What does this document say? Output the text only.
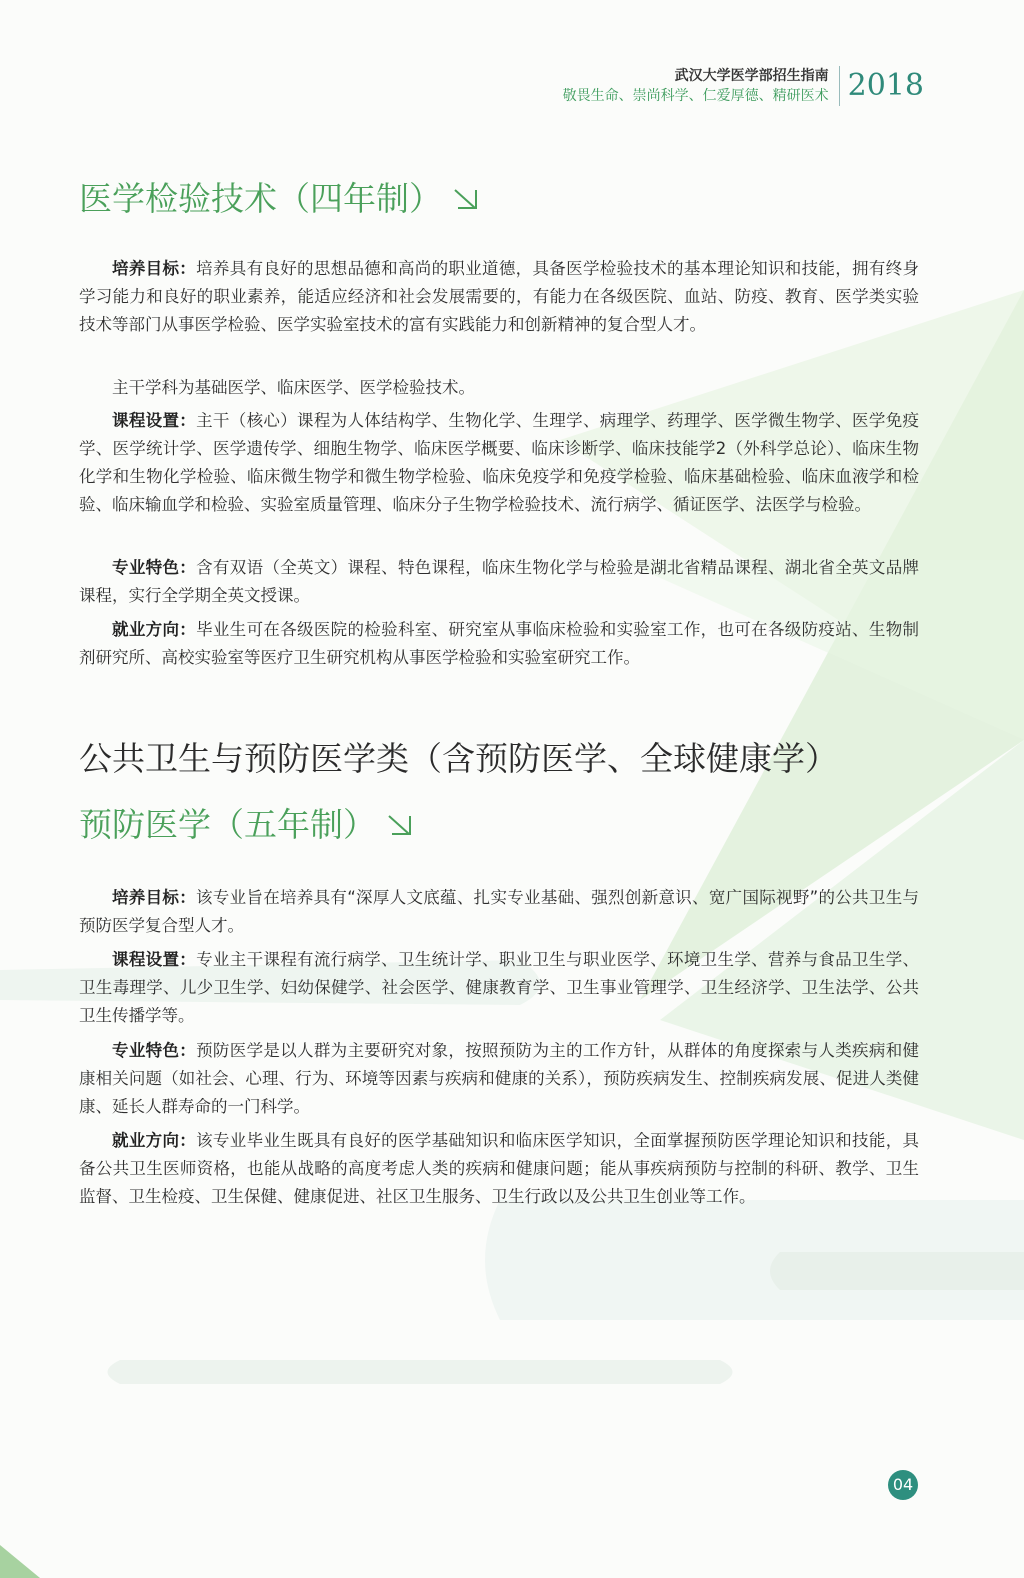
武汉大学医学部招生指南
敬畏生命、崇尚科学、仁爱厚德、精研医术 2018
医学检验技术（四年制）

培养目标：培养具有良好的思想品德和高尚的职业道德，具备医学检验技术的基本理论知识和技能，拥有终身学习能力和良好的职业素养，能适应经济和社会发展需要的，有能力在各级医院、血站、防疫、教育、医学类实验技术等部门从事医学检验、医学实验室技术的富有实践能力和创新精神的复合型人才。

主干学科为基础医学、临床医学、医学检验技术。

课程设置：主干（核心）课程为人体结构学、生物化学、生理学、病理学、药理学、医学微生物学、医学免疫学、医学统计学、医学遗传学、细胞生物学、临床医学概要、临床诊断学、临床技能学2（外科学总论）、临床生物化学和生物化学检验、临床微生物学和微生物学检验、临床免疫学和免疫学检验、临床基础检验、临床血液学和检验、临床输血学和检验、实验室质量管理、临床分子生物学检验技术、流行病学、循证医学、法医学与检验。

专业特色：含有双语（全英文）课程、特色课程，临床生物化学与检验是湖北省精品课程、湖北省全英文品牌课程，实行全学期全英文授课。

就业方向：毕业生可在各级医院的检验科室、研究室从事临床检验和实验室工作，也可在各级防疫站、生物制剂研究所、高校实验室等医疗卫生研究机构从事医学检验和实验室研究工作。

公共卫生与预防医学类（含预防医学、全球健康学）
预防医学（五年制）

培养目标：该专业旨在培养具有“深厚人文底蕴、扎实专业基础、强烈创新意识、宽广国际视野”的公共卫生与预防医学复合型人才。

课程设置：专业主干课程有流行病学、卫生统计学、职业卫生与职业医学、环境卫生学、营养与食品卫生学、卫生毒理学、儿少卫生学、妇幼保健学、社会医学、健康教育学、卫生事业管理学、卫生经济学、卫生法学、公共卫生传播学等。

专业特色：预防医学是以人群为主要研究对象，按照预防为主的工作方针，从群体的角度探索与人类疾病和健康相关问题（如社会、心理、行为、环境等因素与疾病和健康的关系），预防疾病发生、控制疾病发展、促进人类健康、延长人群寿命的一门科学。

就业方向：该专业毕业生既具有良好的医学基础知识和临床医学知识，全面掌握预防医学理论知识和技能，具备公共卫生医师资格，也能从战略的高度考虑人类的疾病和健康问题；能从事疾病预防与控制的科研、教学、卫生监督、卫生检疫、卫生保健、健康促进、社区卫生服务、卫生行政以及公共卫生创业等工作。

04
